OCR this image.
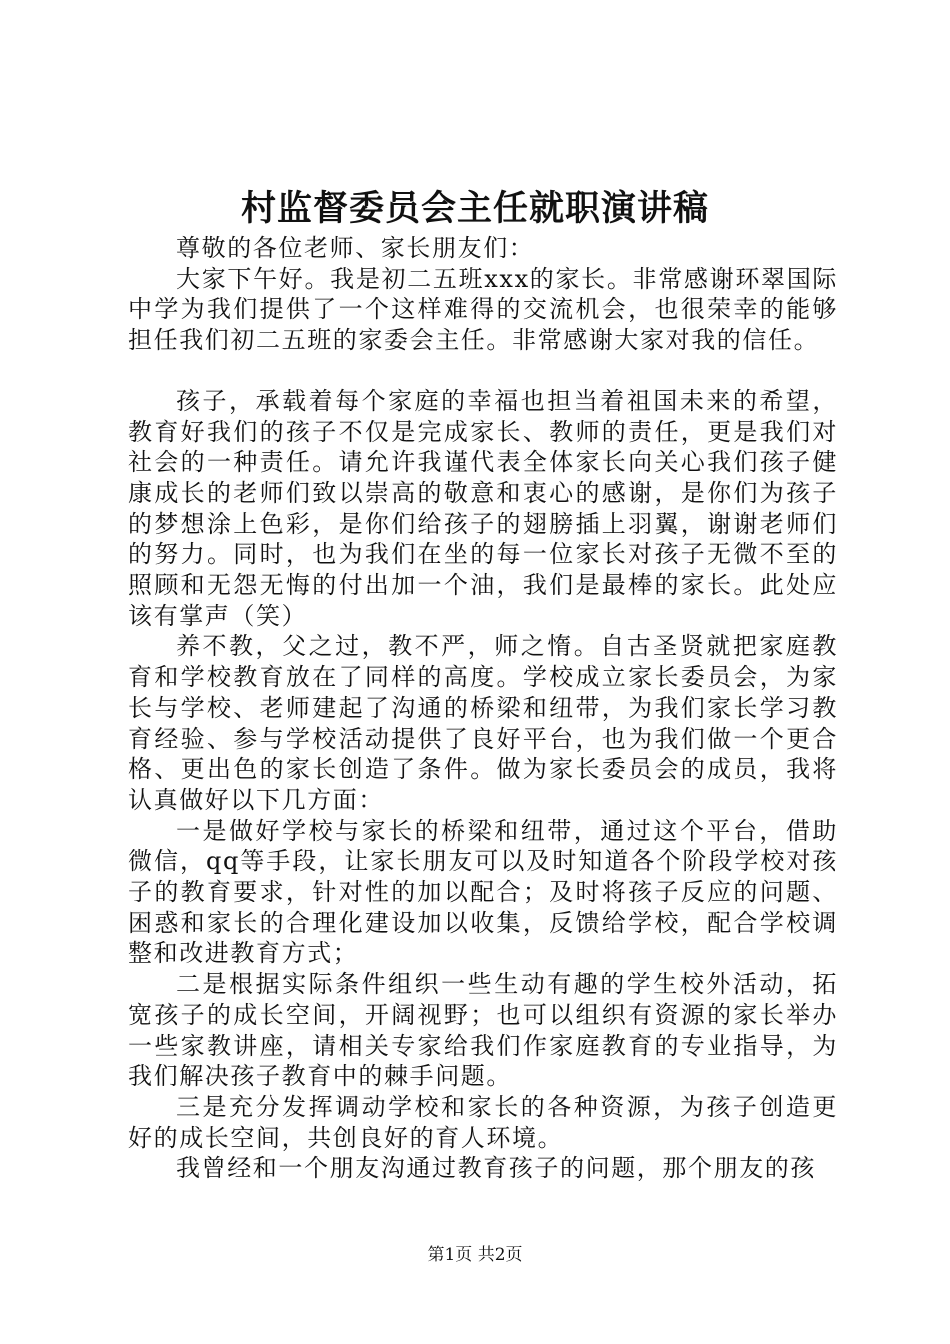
村监督委员会主任就职演讲稿

尊敬的各位老师、家长朋友们：

大家下午好。我是初二五班xxx的家长。非常感谢环翠国际中学为我们提供了一个这样难得的交流机会，也很荣幸的能够担任我们初二五班的家委会主任。非常感谢大家对我的信任。

孩子，承载着每个家庭的幸福也担当着祖国未来的希望，教育好我们的孩子不仅是完成家长、教师的责任，更是我们对社会的一种责任。请允许我谨代表全体家长向关心我们孩子健康成长的老师们致以崇高的敬意和衷心的感谢，是你们为孩子的梦想涂上色彩，是你们给孩子的翅膀插上羽翼，谢谢老师们的努力。同时，也为我们在坐的每一位家长对孩子无微不至的照顾和无怨无悔的付出加一个油，我们是最棒的家长。此处应该有掌声（笑）

养不教，父之过，教不严，师之惰。自古圣贤就把家庭教育和学校教育放在了同样的高度。学校成立家长委员会，为家长与学校、老师建起了沟通的桥梁和纽带，为我们家长学习教育经验、参与学校活动提供了良好平台，也为我们做一个更合格、更出色的家长创造了条件。做为家长委员会的成员，我将认真做好以下几方面：

一是做好学校与家长的桥梁和纽带，通过这个平台，借助微信，qq等手段，让家长朋友可以及时知道各个阶段学校对孩子的教育要求，针对性的加以配合；及时将孩子反应的问题、困惑和家长的合理化建设加以收集，反馈给学校，配合学校调整和改进教育方式；

二是根据实际条件组织一些生动有趣的学生校外活动，拓宽孩子的成长空间，开阔视野；也可以组织有资源的家长举办一些家教讲座，请相关专家给我们作家庭教育的专业指导，为我们解决孩子教育中的棘手问题。

三是充分发挥调动学校和家长的各种资源，为孩子创造更好的成长空间，共创良好的育人环境。

我曾经和一个朋友沟通过教育孩子的问题，那个朋友的孩

第1页 共2页
